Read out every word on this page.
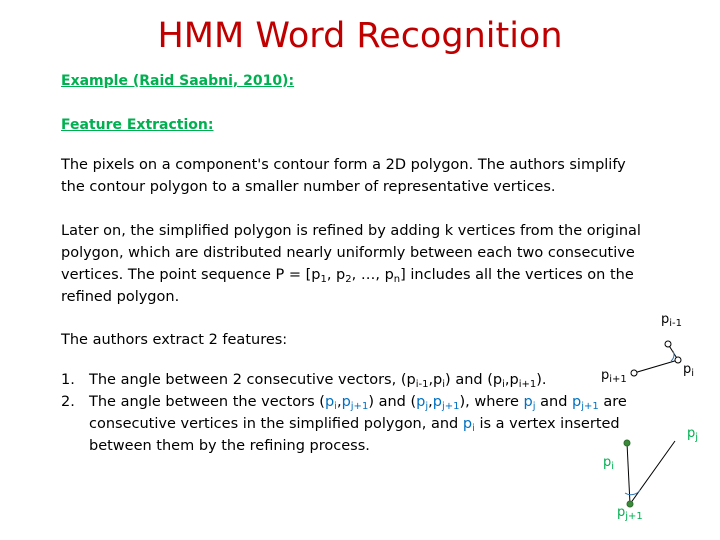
HMM Word Recognition
Example (Raid Saabni, 2010):
Feature Extraction:
The pixels on a component's contour form a 2D polygon. The authors simplify
the contour polygon to a smaller number of representative vertices.
Later on, the simplified polygon is refined by adding k vertices from the original
polygon, which are distributed nearly uniformly between each two consecutive
vertices. The point sequence $P = [p_1$, $p_2$, …, $p_n$] includes all the vertices on the
refined polygon.
The authors extract 2 features:
1. The angle between 2 consecutive vectors, $(p_{i-1},p_i)$ and $(p_i,p_{i+1})$.
2. The angle between the vectors $(p_i,p_{j+1})$ and $(p_j,p_{j+1})$, where $p_j$ and $p_{j+1}$ are
consecutive vertices in the simplified polygon, and $p_i$ is a vertex inserted
between them by the refining process.
$p_{i-1}$
$p_i$
$p_{i+1}$
$p_j$
$p_i$
$p_{j+1}$
